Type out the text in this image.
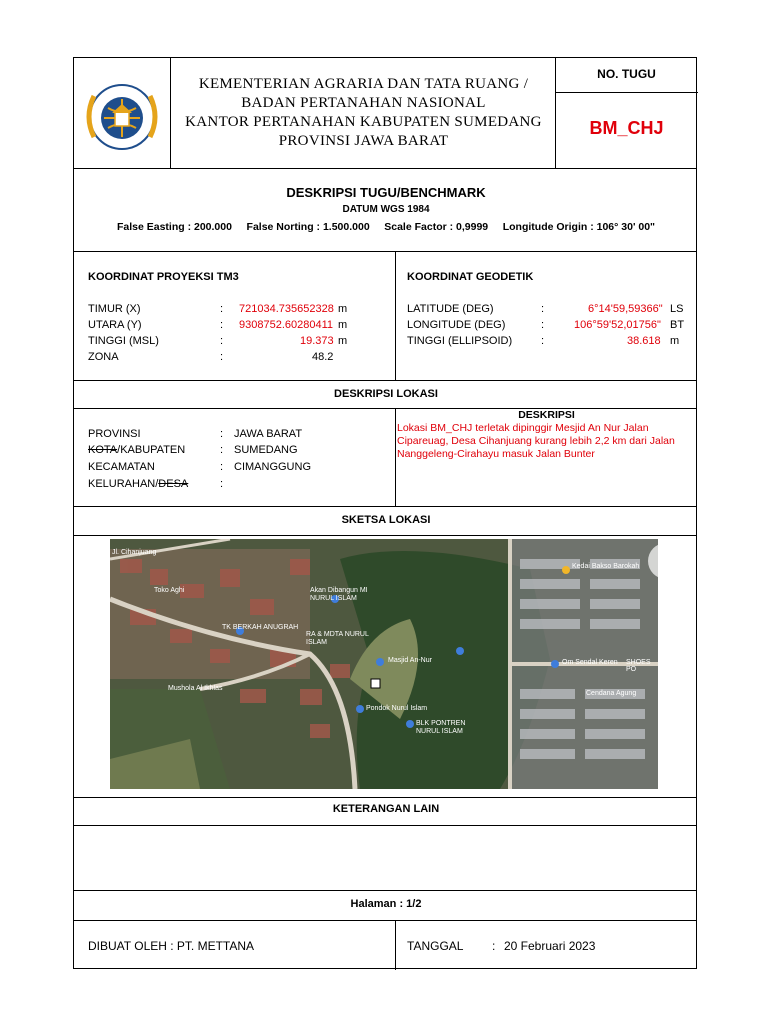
KEMENTERIAN AGRARIA DAN TATA RUANG /
BADAN PERTANAHAN NASIONAL
KANTOR PERTANAHAN KABUPATEN SUMEDANG
PROVINSI JAWA BARAT
NO. TUGU
BM_CHJ
DESKRIPSI TUGU/BENCHMARK
DATUM WGS 1984
False Easting : 200.000     False Norting : 1.500.000     Scale Factor : 0,9999     Longitude Origin : 106° 30' 00"
KOORDINAT PROYEKSI TM3
TIMUR (X)	: 721034.735652328 m
UTARA (Y)	: 9308752.60280411 m
TINGGI (MSL)	:	19.373 m
ZONA	:	48.2
KOORDINAT GEODETIK
LATITUDE (DEG)	:	6°14'59,59366" LS
LONGITUDE (DEG)	:	106°59'52,01756" BT
TINGGI (ELLIPSOID)	:	38.618 m
DESKRIPSI LOKASI
PROVINSI	: JAWA BARAT
KOTA/KABUPATEN	: SUMEDANG
KECAMATAN	: CIMANGGUNG
KELURAHAN/DESA	:
DESKRIPSI
Lokasi BM_CHJ terletak dipinggir Mesjid An Nur Jalan Cipareuag, Desa Cihanjuang kurang lebih 2,2 km dari Jalan Nanggeleng-Cirahayu masuk Jalan Bunter
SKETSA LOKASI
Jl. Cihanjuang
Toko Aghi	Akan Dibangun MI NURUL ISLAM
TK BERKAH ANUGRAH
RA & MDTA NURUL ISLAM
Masjid An-Nur
Mushola Al Ikhlas
Pondok Nurul Islam
BLK PONTREN NURUL ISLAM
Kedai Bakso Barokah
Om Sendal Keren SHOES PO
Cendana Agung
KETERANGAN LAIN
Halaman : 1/2
DIBUAT OLEH : PT. METTANA	TANGGAL : 20 Februari 2023
